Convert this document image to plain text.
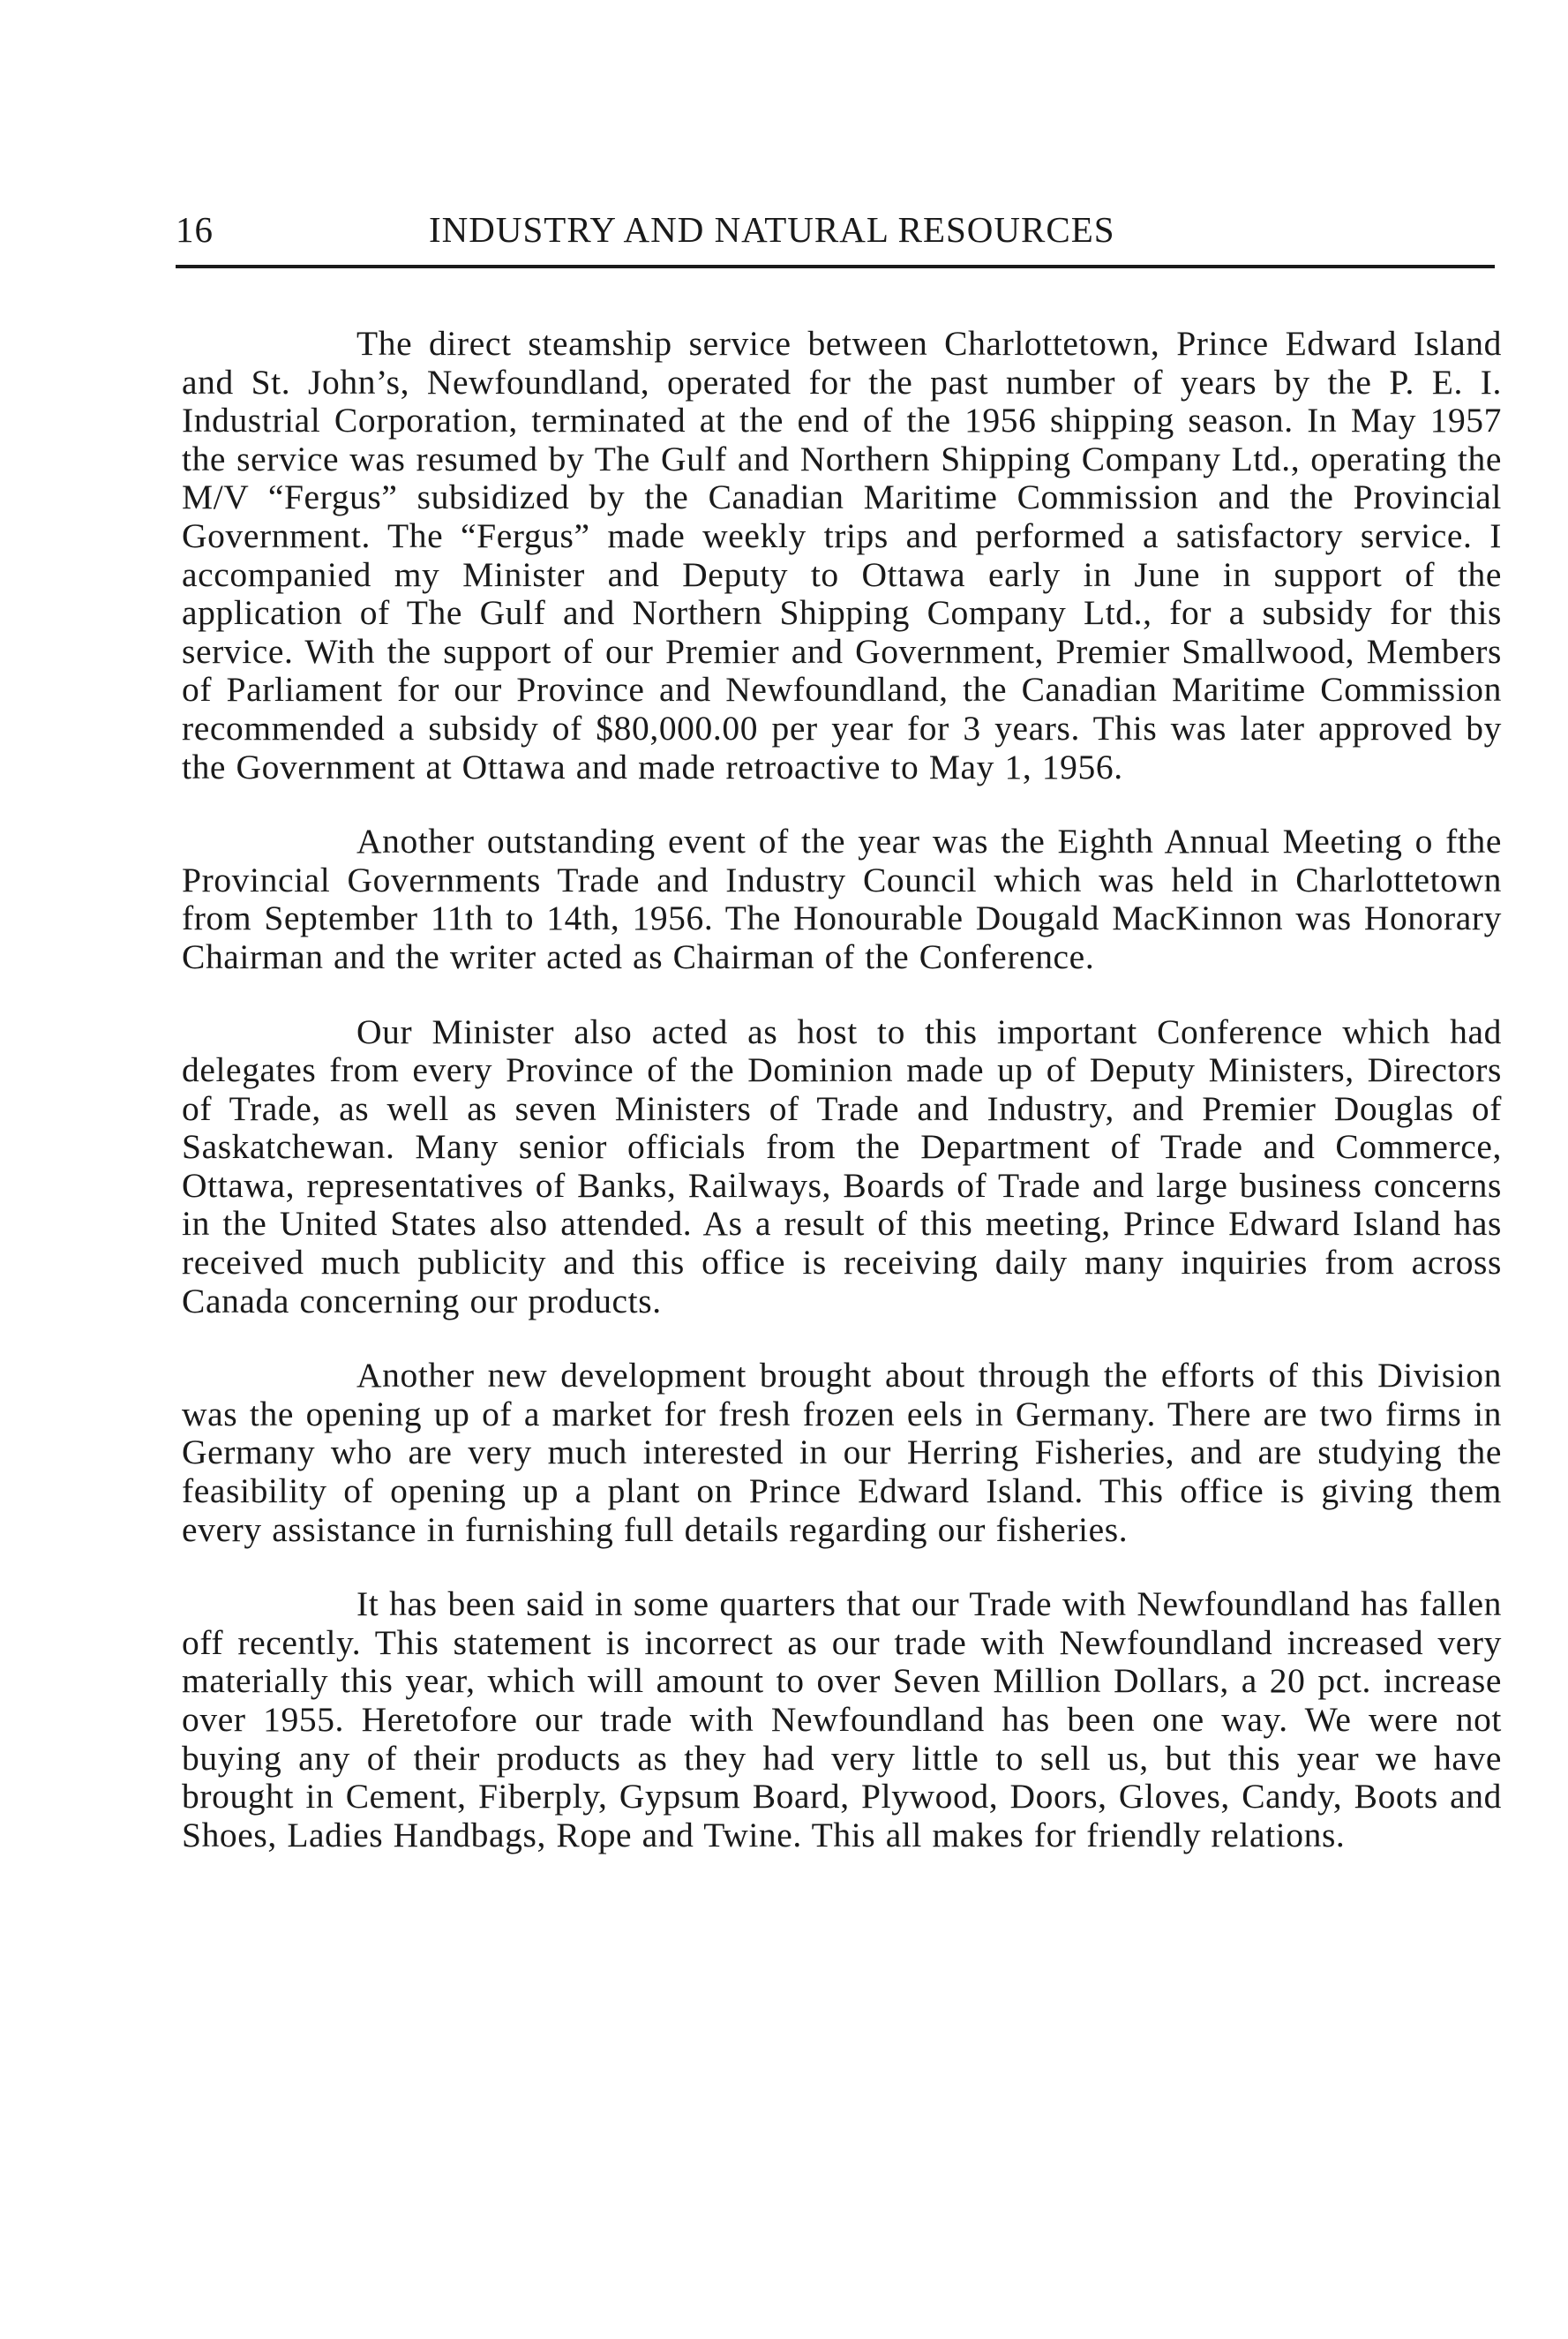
16	INDUSTRY AND NATURAL RESOURCES

The direct steamship service between Charlottetown, Prince Edward Island and St. John’s, Newfoundland, operated for the past number of years by the P. E. I. Industrial Corporation, terminated at the end of the 1956 shipping season. In May 1957 the service was resumed by The Gulf and Northern Shipping Company Ltd., operating the M/V “Fergus” subsidized by the Canadian Maritime Commission and the Provincial Government. The “Fergus” made weekly trips and performed a satisfactory service. I accompanied my Minister and Deputy to Ottawa early in June in support of the application of The Gulf and Northern Shipping Company Ltd., for a subsidy for this service. With the support of our Premier and Government, Premier Smallwood, Members of Parliament for our Province and Newfoundland, the Canadian Maritime Commission recommended a subsidy of $80,000.00 per year for 3 years. This was later approved by the Government at Ottawa and made retroactive to May 1, 1956.

Another outstanding event of the year was the Eighth Annual Meeting o fthe Provincial Governments Trade and Industry Council which was held in Charlottetown from September 11th to 14th, 1956. The Honourable Dougald MacKinnon was Honorary Chairman and the writer acted as Chairman of the Conference.

Our Minister also acted as host to this important Conference which had delegates from every Province of the Dominion made up of Deputy Ministers, Directors of Trade, as well as seven Ministers of Trade and Industry, and Premier Douglas of Saskatchewan. Many senior officials from the Department of Trade and Commerce, Ottawa, representatives of Banks, Railways, Boards of Trade and large business concerns in the United States also attended. As a result of this meeting, Prince Edward Island has received much publicity and this office is receiving daily many inquiries from across Canada concerning our products.

Another new development brought about through the efforts of this Division was the opening up of a market for fresh frozen eels in Germany. There are two firms in Germany who are very much interested in our Herring Fisheries, and are studying the feasibility of opening up a plant on Prince Edward Island. This office is giving them every assistance in furnishing full details regarding our fisheries.

It has been said in some quarters that our Trade with Newfoundland has fallen off recently. This statement is incorrect as our trade with Newfoundland increased very materially this year, which will amount to over Seven Million Dollars, a 20 pct. increase over 1955. Heretofore our trade with Newfoundland has been one way. We were not buying any of their products as they had very little to sell us, but this year we have brought in Cement, Fiberply, Gypsum Board, Plywood, Doors, Gloves, Candy, Boots and Shoes, Ladies Handbags, Rope and Twine. This all makes for friendly relations.
